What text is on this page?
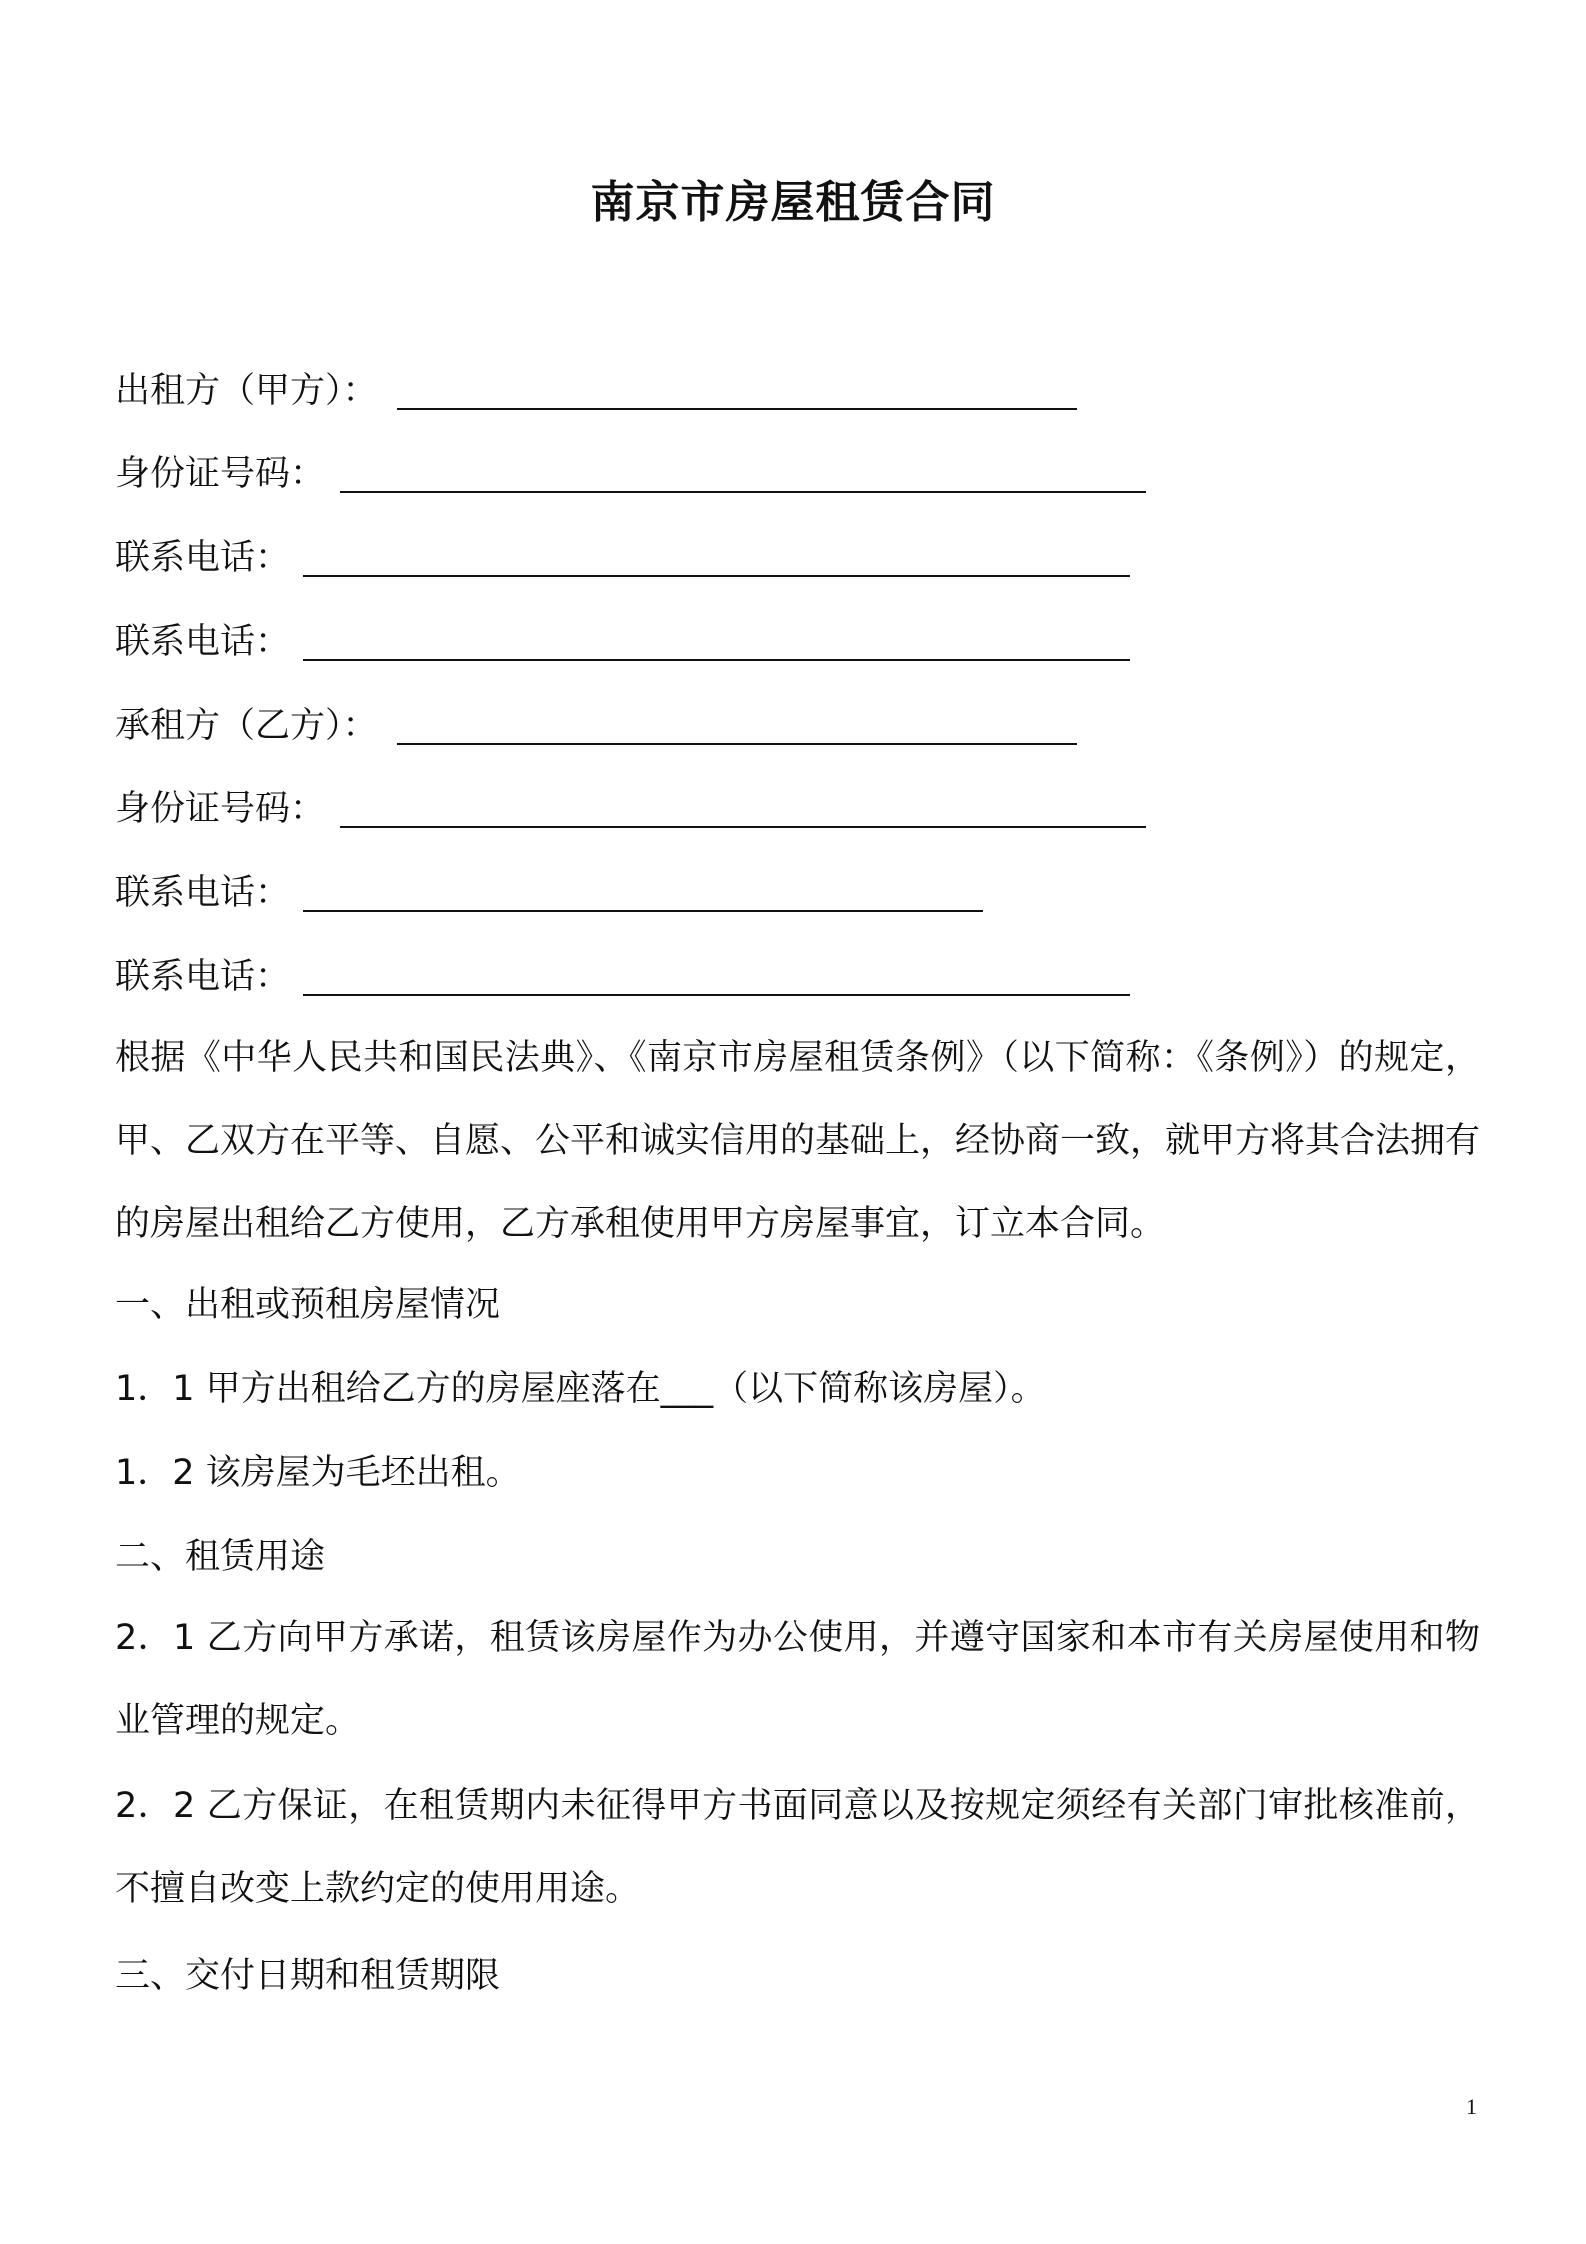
南京市房屋租赁合同
出租方（甲方）：
身份证号码：
联系电话：
联系电话：
承租方（乙方）：
身份证号码：
联系电话：
联系电话：
根据《中华人民共和国民法典》、《南京市房屋租赁条例》（以下简称：《条例》）的规定，甲、乙双方在平等、自愿、公平和诚实信用的基础上，经协商一致，就甲方将其合法拥有的房屋出租给乙方使用，乙方承租使用甲方房屋事宜，订立本合同。
一、出租或预租房屋情况
1．1 甲方出租给乙方的房屋座落在___（以下简称该房屋）。
1．2 该房屋为毛坯出租。
二、租赁用途
2．1 乙方向甲方承诺，租赁该房屋作为办公使用，并遵守国家和本市有关房屋使用和物业管理的规定。
2．2 乙方保证，在租赁期内未征得甲方书面同意以及按规定须经有关部门审批核准前，不擅自改变上款约定的使用用途。
三、交付日期和租赁期限
1
